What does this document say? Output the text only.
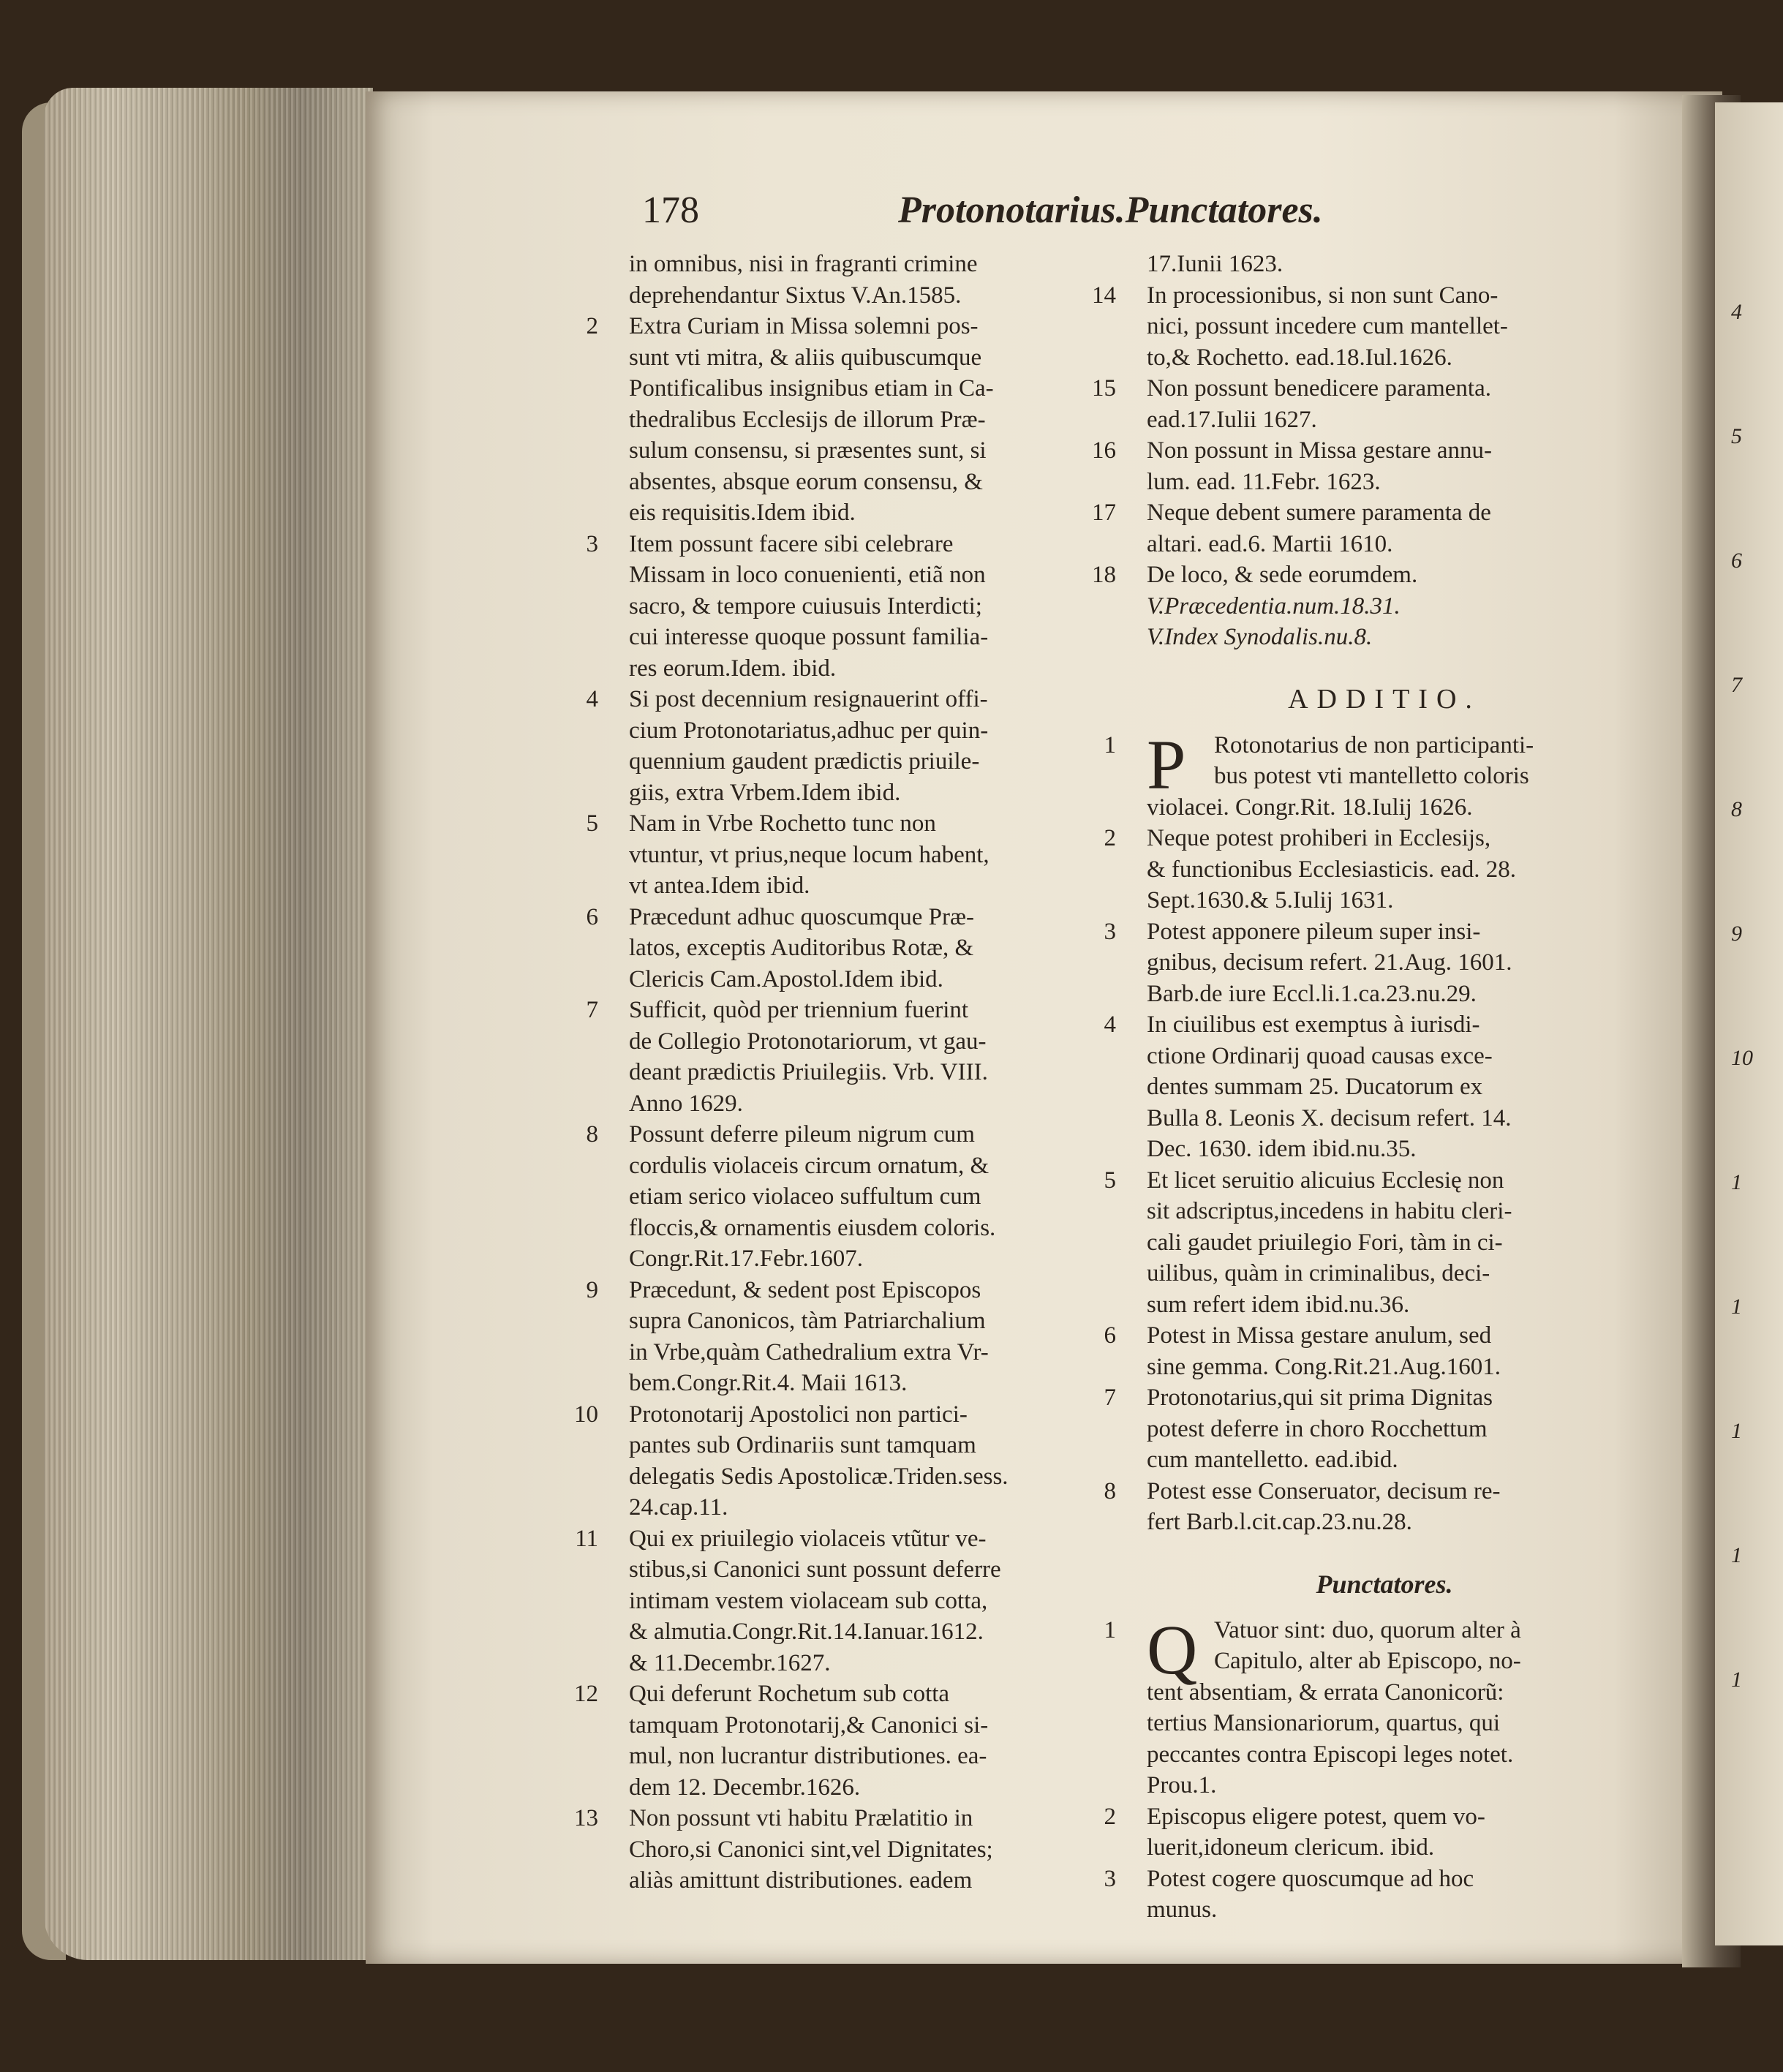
4
5
6
7
8
9
10
1
1
1
1
1
178	Protonotarius.Punctatores.
in omnibus, nisi in fragranti crimine
deprehendantur Sixtus V.An.1585.
2 Extra Curiam in Missa solemni pos-
sunt vti mitra, & aliis quibuscumque
Pontificalibus insignibus etiam in Ca-
thedralibus Ecclesijs de illorum Præ-
sulum consensu, si præsentes sunt, si
absentes, absque eorum consensu, &
eis requisitis.Idem ibid.
3 Item possunt facere sibi celebrare
Missam in loco conuenienti, etiã non
sacro, & tempore cuiusuis Interdicti;
cui interesse quoque possunt familia-
res eorum.Idem. ibid.
4 Si post decennium resignauerint offi-
cium Protonotariatus,adhuc per quin-
quennium gaudent prædictis priuile-
giis, extra Vrbem.Idem ibid.
5 Nam in Vrbe Rochetto tunc non
vtuntur, vt prius,neque locum habent,
vt antea.Idem ibid.
6 Præcedunt adhuc quoscumque Præ-
latos, exceptis Auditoribus Rotæ, &
Clericis Cam.Apostol.Idem ibid.
7 Sufficit, quòd per triennium fuerint
de Collegio Protonotariorum, vt gau-
deant prædictis Priuilegiis. Vrb. VIII.
Anno 1629.
8 Possunt deferre pileum nigrum cum
cordulis violaceis circum ornatum, &
etiam serico violaceo suffultum cum
floccis,& ornamentis eiusdem coloris.
Congr.Rit.17.Febr.1607.
9 Præcedunt, & sedent post Episcopos
supra Canonicos, tàm Patriarchalium
in Vrbe,quàm Cathedralium extra Vr-
bem.Congr.Rit.4. Maii 1613.
10 Protonotarij Apostolici non partici-
pantes sub Ordinariis sunt tamquam
delegatis Sedis Apostolicæ.Triden.sess.
24.cap.11.
11 Qui ex priuilegio violaceis vtũtur ve-
stibus,si Canonici sunt possunt deferre
intimam vestem violaceam sub cotta,
& almutia.Congr.Rit.14.Ianuar.1612.
& 11.Decembr.1627.
12 Qui deferunt Rochetum sub cotta
tamquam Protonotarij,& Canonici si-
mul, non lucrantur distributiones. ea-
dem 12. Decembr.1626.
13 Non possunt vti habitu Prælatitio in
Choro,si Canonici sint,vel Dignitates;
aliàs amittunt distributiones. eadem
17.Iunii 1623.
14 In processionibus, si non sunt Cano-
nici, possunt incedere cum mantellet-
to,& Rochetto. ead.18.Iul.1626.
15 Non possunt benedicere paramenta.
ead.17.Iulii 1627.
16 Non possunt in Missa gestare annu-
lum. ead. 11.Febr. 1623.
17 Neque debent sumere paramenta de
altari. ead.6. Martii 1610.
18 De loco, & sede eorumdem.
V.Præcedentia.num.18.31.
V.Index Synodalis.nu.8.
ADDITIO.
1 P Rotonotarius de non participanti-
bus potest vti mantelletto coloris
violacei. Congr.Rit. 18.Iulij 1626.
2 Neque potest prohiberi in Ecclesijs,
& functionibus Ecclesiasticis. ead. 28.
Sept.1630.& 5.Iulij 1631.
3 Potest apponere pileum super insi-
gnibus, decisum refert. 21.Aug. 1601.
Barb.de iure Eccl.li.1.ca.23.nu.29.
4 In ciuilibus est exemptus à iurisdi-
ctione Ordinarij quoad causas exce-
dentes summam 25. Ducatorum ex
Bulla 8. Leonis X. decisum refert. 14.
Dec. 1630. idem ibid.nu.35.
5 Et licet seruitio alicuius Ecclesię non
sit adscriptus,incedens in habitu cleri-
cali gaudet priuilegio Fori, tàm in ci-
uilibus, quàm in criminalibus, deci-
sum refert idem ibid.nu.36.
6 Potest in Missa gestare anulum, sed
sine gemma. Cong.Rit.21.Aug.1601.
7 Protonotarius,qui sit prima Dignitas
potest deferre in choro Rocchettum
cum mantelletto. ead.ibid.
8 Potest esse Conseruator, decisum re-
fert Barb.l.cit.cap.23.nu.28.
Punctatores.
1 Q Vatuor sint: duo, quorum alter à
Capitulo, alter ab Episcopo, no-
tent absentiam, & errata Canonicorũ:
tertius Mansionariorum, quartus, qui
peccantes contra Episcopi leges notet.
Prou.1.
2 Episcopus eligere potest, quem vo-
luerit,idoneum clericum. ibid.
3 Potest cogere quoscumque ad hoc
munus.
